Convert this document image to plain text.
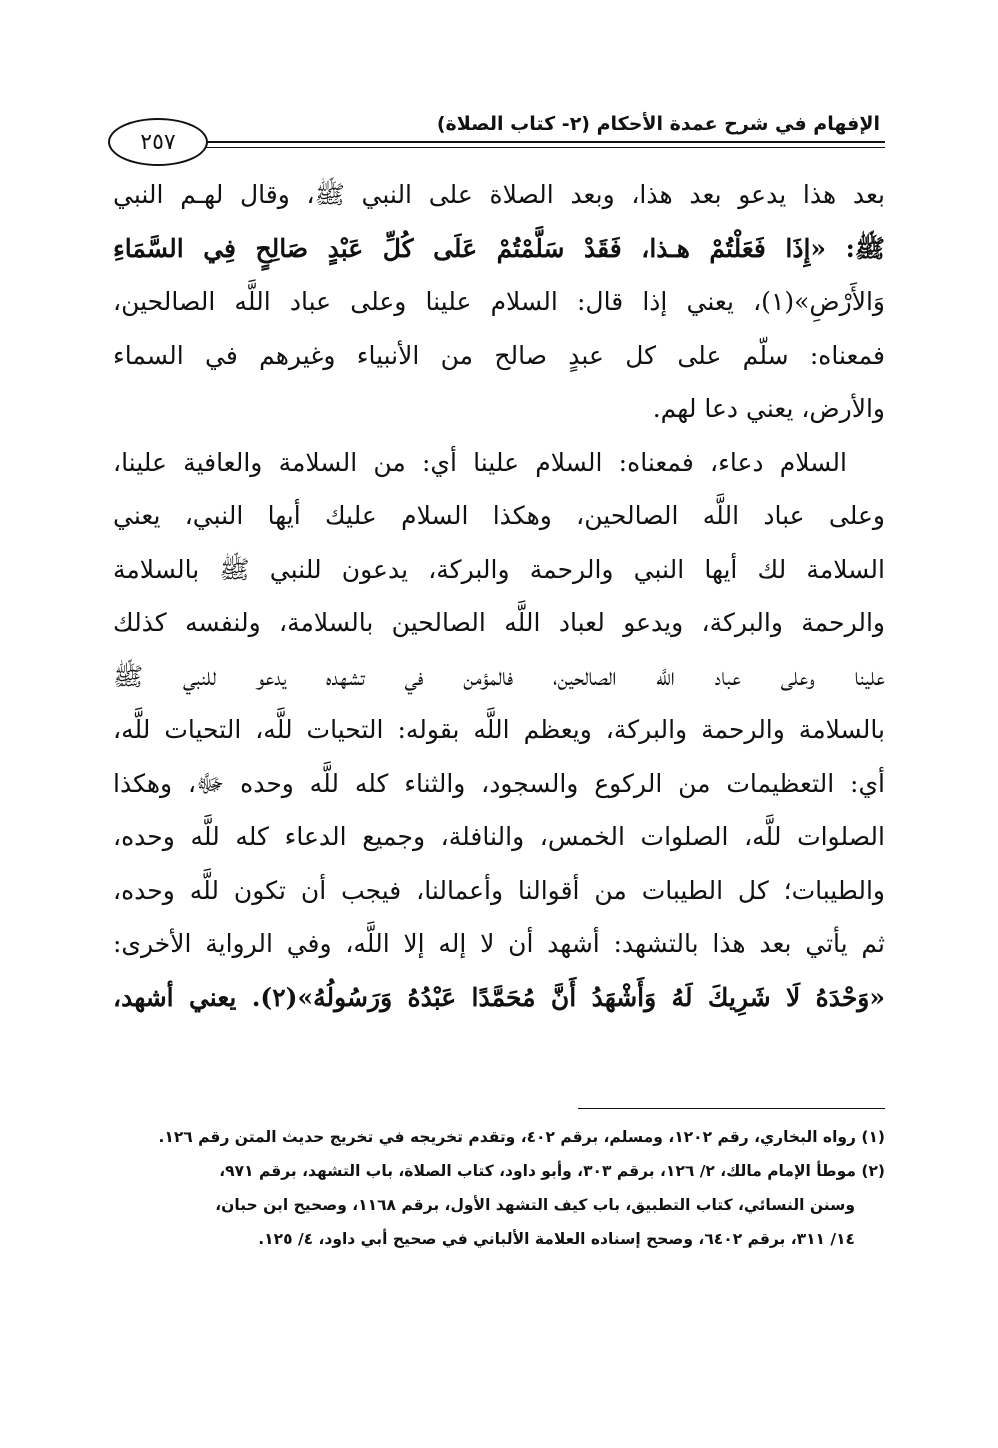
الإفهام في شرح عمدة الأحكام (٢- كتاب الصلاة)
٢٥٧
بعد هذا يدعو بعد هذا، وبعد الصلاة على النبي ﷺ، وقال لهـم النبي
ﷺ: «إِذَا فَعَلْتُمْ هـذا، فَقَدْ سَلَّمْتُمْ عَلَى كُلِّ عَبْدٍ صَالِحٍ فِي السَّمَاءِ
وَالأَرْضِ»(١)، يعني إذا قال: السلام علينا وعلى عباد اللَّه الصالحين،
فمعناه: سلّم على كل عبدٍ صالح من الأنبياء وغيرهم في السماء
والأرض، يعني دعا لهم.
السلام دعاء، فمعناه: السلام علينا أي: من السلامة والعافية علينا،
وعلى عباد اللَّه الصالحين، وهكذا السلام عليك أيها النبي، يعني
السلامة لك أيها النبي والرحمة والبركة، يدعون للنبي ﷺ بالسلامة
والرحمة والبركة، ويدعو لعباد اللَّه الصالحين بالسلامة، ولنفسه كذلك
علينا وعلى عباد اللَّه الصالحين، فالمؤمن في تشهده يدعو للنبي ﷺ
بالسلامة والرحمة والبركة، ويعظم اللَّه بقوله: التحيات للَّه، التحيات للَّه،
أي: التعظيمات من الركوع والسجود، والثناء كله للَّه وحده ﷻ، وهكذا
الصلوات للَّه، الصلوات الخمس، والنافلة، وجميع الدعاء كله للَّه وحده،
والطيبات؛ كل الطيبات من أقوالنا وأعمالنا، فيجب أن تكون للَّه وحده،
ثم يأتي بعد هذا بالتشهد: أشهد أن لا إله إلا اللَّه، وفي الرواية الأخرى:
«وَحْدَهُ لَا شَرِيكَ لَهُ وَأَشْهَدُ أَنَّ مُحَمَّدًا عَبْدُهُ وَرَسُولُهُ»(٢). يعني أشهد،
(١) رواه البخاري، رقم ١٢٠٢، ومسلم، برقم ٤٠٢، وتقدم تخريجه في تخريج حديث المتن رقم ١٢٦.
(٢) موطأ الإمام مالك، ٢/ ١٢٦، برقم ٣٠٣، وأبو داود، كتاب الصلاة، باب التشهد، برقم ٩٧١،
وسنن النسائي، كتاب التطبيق، باب كيف التشهد الأول، برقم ١١٦٨، وصحيح ابن حبان،
١٤/ ٣١١، برقم ٦٤٠٢، وصحح إسناده العلامة الألباني في صحيح أبي داود، ٤/ ١٢٥.
